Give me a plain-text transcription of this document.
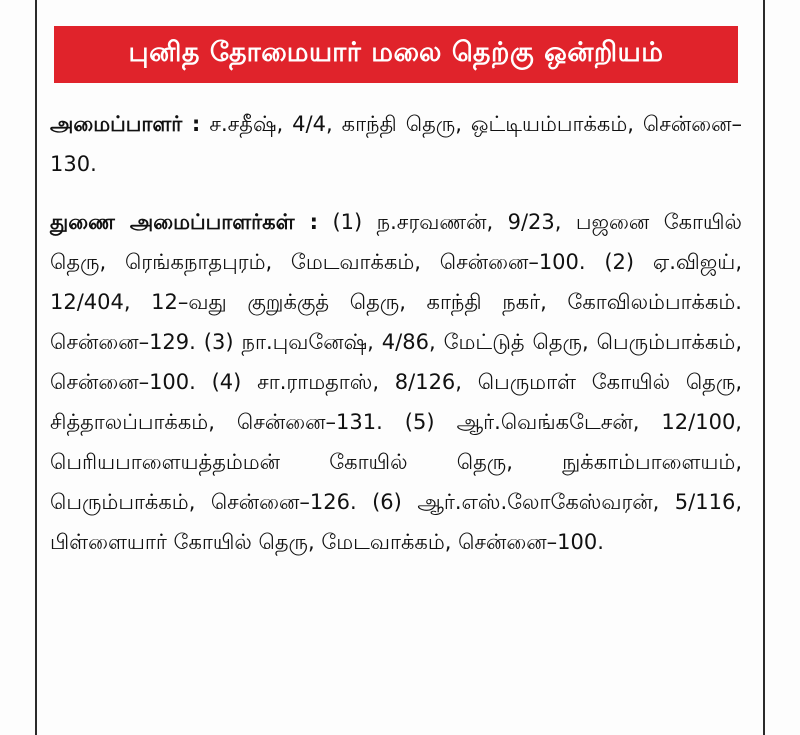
புனித தோமையார் மலை தெற்கு ஒன்றியம்

அமைப்பாளர் : ச.சதீஷ், 4/4, காந்தி தெரு, ஒட்டியம்பாக்கம், சென்னை–130.

துணை அமைப்பாளர்கள் : (1) ந.சரவணன், 9/23, பஜனை கோயில் தெரு, ரெங்கநாதபுரம், மேடவாக்கம், சென்னை–100. (2) ஏ.விஜய், 12/404, 12–வது குறுக்குத் தெரு, காந்தி நகர், கோவிலம்பாக்கம். சென்னை–129. (3) நா.புவனேஷ், 4/86, மேட்டுத் தெரு, பெரும்பாக்கம், சென்னை–100. (4) சா.ராமதாஸ், 8/126, பெருமாள் கோயில் தெரு, சித்தாலப்பாக்கம், சென்னை–131. (5) ஆர்.வெங்கடேசன், 12/100, பெரியபாளையத்தம்மன் கோயில் தெரு, நுக்காம்பாளையம், பெரும்பாக்கம், சென்னை–126. (6) ஆர்.எஸ்.லோகேஸ்வரன், 5/116, பிள்ளையார் கோயில் தெரு, மேடவாக்கம், சென்னை–100.
